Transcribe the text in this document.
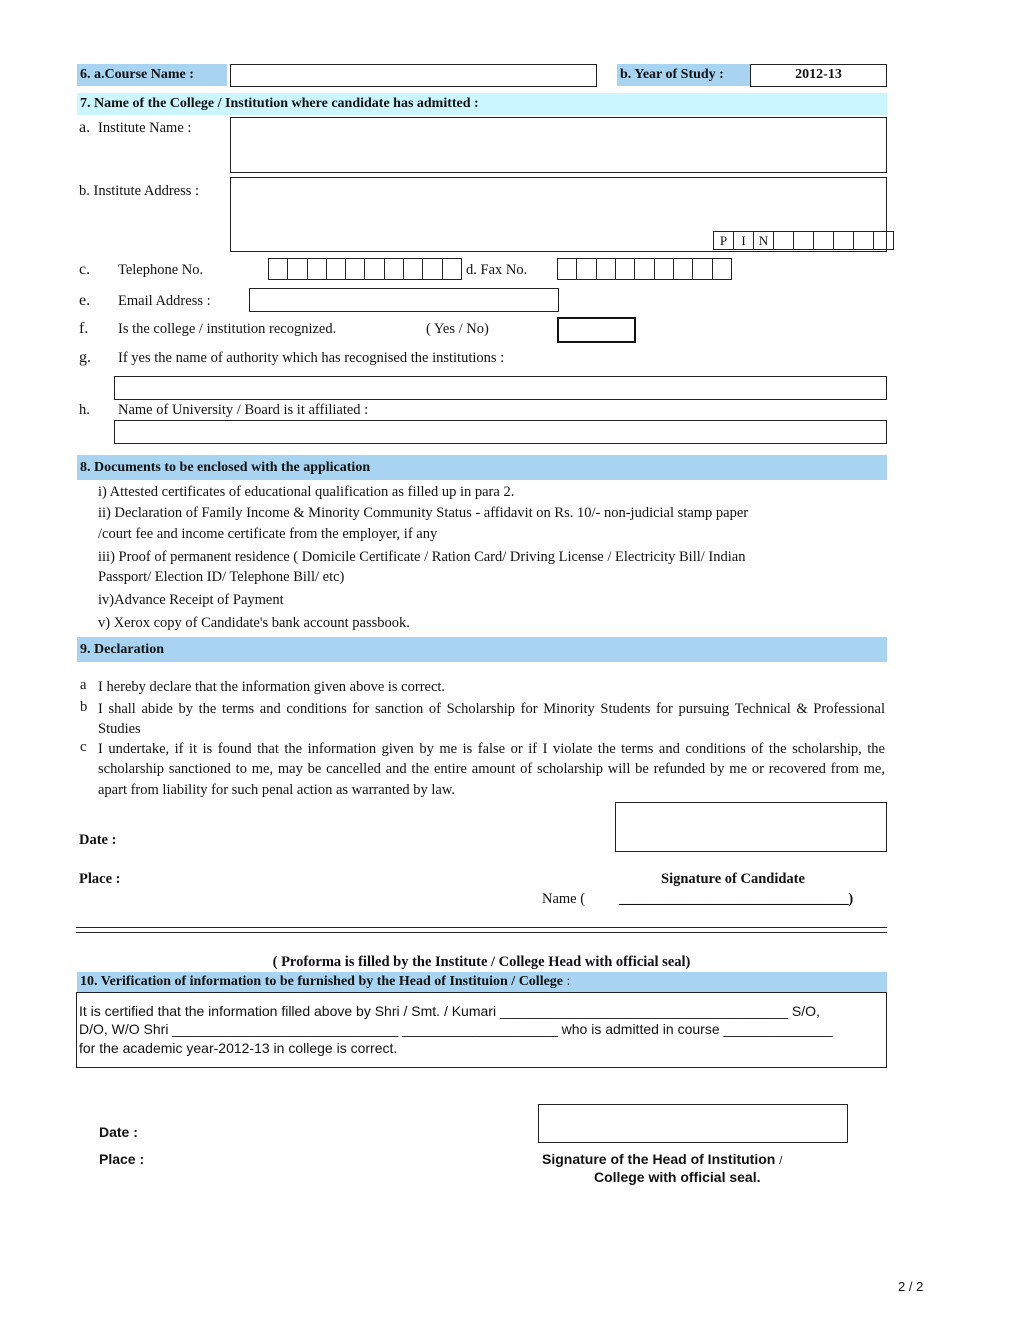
6. a.Course Name :	b. Year of Study :	2012-13
7. Name of the College / Institution where candidate has admitted :
a. Institute Name :
b. Institute Address :
P	I	N
c. Telephone No.	d. Fax No.
e. Email Address :
f. Is the college / institution recognized.	( Yes / No)
g. If yes the name of authority which has recognised the institutions :
h. Name of University / Board is it affiliated :
8. Documents to be enclosed with the application
i) Attested certificates of educational qualification as filled up in para 2.
ii) Declaration of Family Income & Minority Community Status - affidavit on Rs. 10/- non-judicial stamp paper
/court fee and income certificate from the employer, if any
iii) Proof of permanent residence ( Domicile Certificate / Ration Card/ Driving License / Electricity Bill/ Indian
Passport/ Election ID/ Telephone Bill/ etc)
iv)Advance Receipt of Payment
v) Xerox copy of Candidate's bank account passbook.
9. Declaration
a I hereby declare that the information given above is correct.
b I shall abide by the terms and conditions for sanction of Scholarship for Minority Students for pursuing Technical & Professional Studies
c I undertake, if it is found that the information given by me is false or if I violate the terms and conditions of the scholarship, the scholarship sanctioned to me, may be cancelled and the entire amount of scholarship will be refunded by me or recovered from me, apart from liability for such penal action as warranted by law.
Date :
Place :	Signature of Candidate
Name ( _________________________________)
( Proforma is filled by the Institute / College Head with official seal)
10. Verification of information to be furnished by the Head of Instituion / College :
It is certified that the information filled above by Shri / Smt. / Kumari _____________________________________ S/O,
D/O, W/O Shri _____________________________ ____________________ who is admitted in course ______________
for the academic year-2012-13 in college is correct.
Date :
Place :	Signature of the Head of Institution /
College with official seal.
2 / 2
